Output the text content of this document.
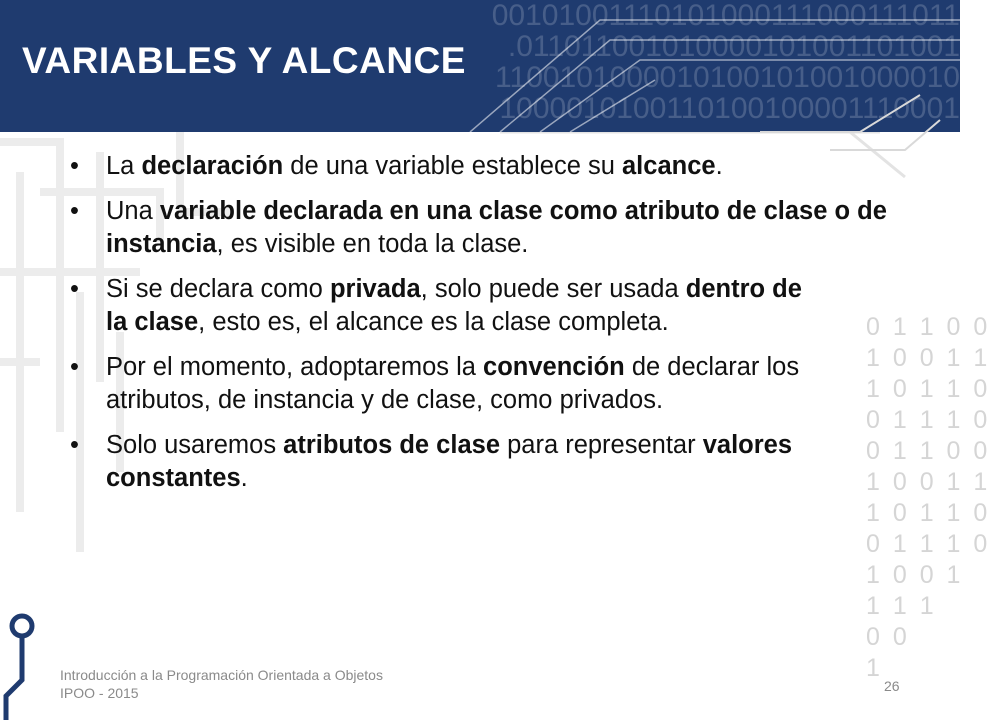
00101001110101000111000111011
.011011001010000101001101001
1100101000010100101001000010
1000010100110100100001110001
VARIABLES Y ALCANCE
0 1 1 0 0
1 0 0 1 1
1 0 1 1 0
0 1 1 1 0
0 1 1 0 0
1 0 0 1 1
1 0 1 1 0
0 1 1 1 0
1 0 0 1
1 1 1
0 0
1
• La declaración de una variable establece su alcance.
• Una variable declarada en una clase como atributo de clase o de instancia, es visible en toda la clase.
• Si se declara como privada, solo puede ser usada dentro de la clase, esto es, el alcance es la clase completa.
• Por el momento, adoptaremos la convención de declarar los atributos, de instancia y de clase, como privados.
• Solo usaremos atributos de clase para representar valores constantes.
Introducción a la Programación Orientada a Objetos
IPOO - 2015	26
